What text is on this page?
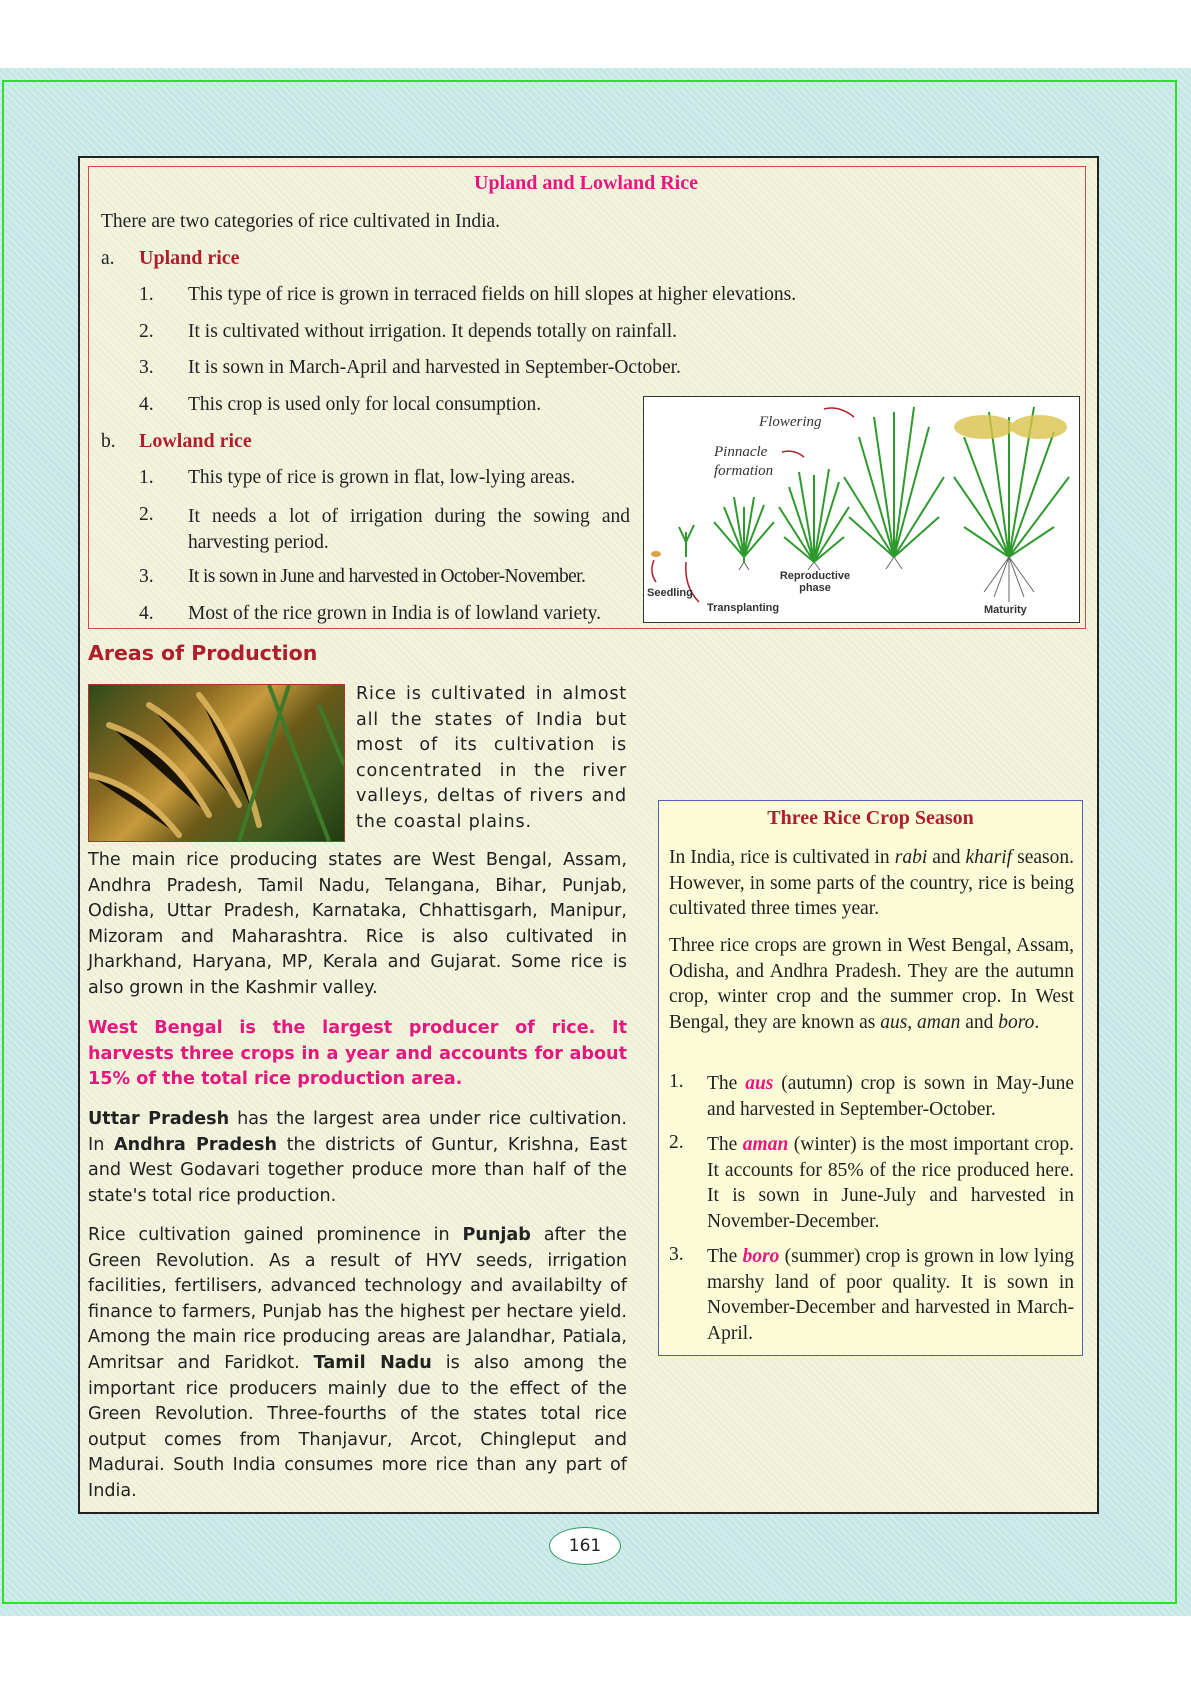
Upland and Lowland Rice
There are two categories of rice cultivated in India.
a. Upland rice
1. This type of rice is grown in terraced fields on hill slopes at higher elevations.
2. It is cultivated without irrigation. It depends totally on rainfall.
3. It is sown in March-April and harvested in September-October.
4. This crop is used only for local consumption.
b. Lowland rice
1. This type of rice is grown in flat, low-lying areas.
2. It needs a lot of irrigation during the sowing and harvesting period.
3. It is sown in June and harvested in October-November.
4. Most of the rice grown in India is of lowland variety.
Flowering
Pinnacle formation
Seedling
Transplanting
Reproductive phase
Maturity
Areas of Production

Rice is cultivated in almost all the states of India but most of its cultivation is concentrated in the river valleys, deltas of rivers and the coastal plains.

The main rice producing states are West Bengal, Assam, Andhra Pradesh, Tamil Nadu, Telangana, Bihar, Punjab, Odisha, Uttar Pradesh, Karnataka, Chhattisgarh, Manipur, Mizoram and Maharashtra. Rice is also cultivated in Jharkhand, Haryana, MP, Kerala and Gujarat. Some rice is also grown in the Kashmir valley.

West Bengal is the largest producer of rice. It harvests three crops in a year and accounts for about 15% of the total rice production area.

Uttar Pradesh has the largest area under rice cultivation. In Andhra Pradesh the districts of Guntur, Krishna, East and West Godavari together produce more than half of the state's total rice production.

Rice cultivation gained prominence in Punjab after the Green Revolution. As a result of HYV seeds, irrigation facilities, fertilisers, advanced technology and availabilty of finance to farmers, Punjab has the highest per hectare yield. Among the main rice producing areas are Jalandhar, Patiala, Amritsar and Faridkot. Tamil Nadu is also among the important rice producers mainly due to the effect of the Green Revolution. Three-fourths of the states total rice output comes from Thanjavur, Arcot, Chingleput and Madurai. South India consumes more rice than any part of India.

Three Rice Crop Season

In India, rice is cultivated in rabi and kharif season. However, in some parts of the country, rice is being cultivated three times year.

Three rice crops are grown in West Bengal, Assam, Odisha, and Andhra Pradesh. They are the autumn crop, winter crop and the summer crop. In West Bengal, they are known as aus, aman and boro.

1. The aus (autumn) crop is sown in May-June and harvested in September-October.

2. The aman (winter) is the most important crop. It accounts for 85% of the rice produced here. It is sown in June-July and harvested in November-December.

3. The boro (summer) crop is grown in low lying marshy land of poor quality. It is sown in November-December and harvested in March-April.

161
